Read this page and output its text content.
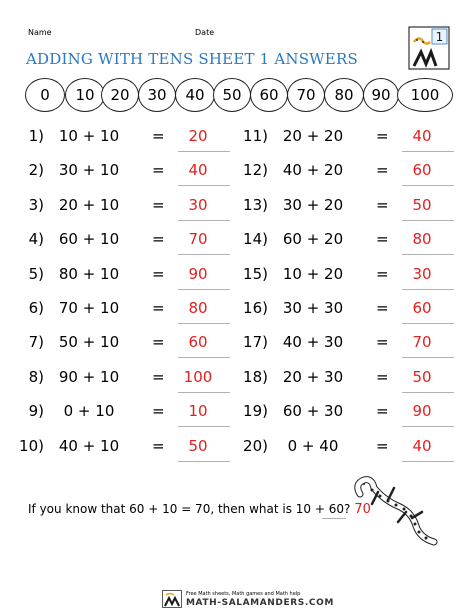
Name	Date
ADDING WITH TENS SHEET 1 ANSWERS
1
0	10	20	30	40	50	60	70	80	90	100
1) 10 + 10	=	20
2) 30 + 10	=	40
3) 20 + 10	=	30
4) 60 + 10	=	70
5) 80 + 10	=	90
6) 70 + 10	=	80
7) 50 + 10	=	60
8) 90 + 10	= 100
9)	0 + 10	=	10
10) 40 + 10	=	50
11) 20 + 20	=	40
12) 40 + 20	=	60
13) 30 + 20	=	50
14) 60 + 20	=	80
15) 10 + 20	=	30
16) 30 + 30	=	60
17) 40 + 30	=	70
18) 20 + 30	=	50
19) 60 + 30	=	90
20)	0 + 40	=	40
If you know that 60 + 10 = 70, then what is 10 + 60? 70
Free Math sheets, Math games and Math help
MATH-SALAMANDERS.COM
